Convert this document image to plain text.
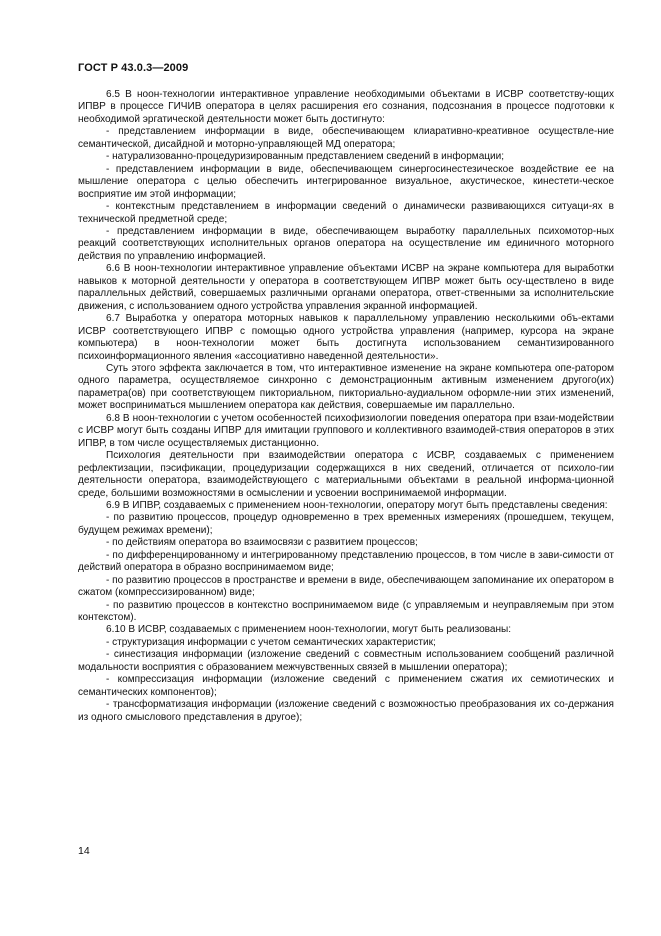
ГОСТ Р 43.0.3—2009

6.5 В ноон-технологии интерактивное управление необходимыми объектами в ИСВР соответству-ющих ИПВР в процессе ГИЧИВ оператора в целях расширения его сознания, подсознания в процессе подготовки к необходимой эргатической деятельности может быть достигнуто:

- представлением информации в виде, обеспечивающем клиаративно-креативное осуществле-ние семантической, дисайдной и моторно-управляющей МД оператора;

- натурализованно-процедуризированным представлением сведений в информации;

- представлением информации в виде, обеспечивающем синергосинестезическое воздействие ее на мышление оператора с целью обеспечить интегрированное визуальное, акустическое, кинестети-ческое восприятие им этой информации;

- контекстным представлением в информации сведений о динамически развивающихся ситуаци-ях в технической предметной среде;

- представлением информации в виде, обеспечивающем выработку параллельных психомотор-ных реакций соответствующих исполнительных органов оператора на осуществление им единичного моторного действия по управлению информацией.

6.6 В ноон-технологии интерактивное управление объектами ИСВР на экране компьютера для выработки навыков к моторной деятельности у оператора в соответствующем ИПВР может быть осу-ществлено в виде параллельных действий, совершаемых различными органами оператора, ответ-ственными за исполнительские движения, с использованием одного устройства управления экранной информацией.

6.7 Выработка у оператора моторных навыков к параллельному управлению несколькими объ-ектами ИСВР соответствующего ИПВР с помощью одного устройства управления (например, курсора на экране компьютера) в ноон-технологии может быть достигнута использованием семантизированного психоинформационного явления «ассоциативно наведенной деятельности».

Суть этого эффекта заключается в том, что интерактивное изменение на экране компьютера опе-ратором одного параметра, осуществляемое синхронно с демонстрационным активным изменением другого(их) параметра(ов) при соответствующем пикториальном, пикториально-аудиальном оформле-нии этих изменений, может восприниматься мышлением оператора как действия, совершаемые им параллельно.

6.8 В ноон-технологии с учетом особенностей психофизиологии поведения оператора при взаи-модействии с ИСВР могут быть созданы ИПВР для имитации группового и коллективного взаимодей-ствия операторов в этих ИПВР, в том числе осуществляемых дистанционно.

Психология деятельности при взаимодействии оператора с ИСВР, создаваемых с применением рефлектизации, пэсификации, процедуризации содержащихся в них сведений, отличается от психоло-гии деятельности оператора, взаимодействующего с материальными объектами в реальной информа-ционной среде, большими возможностями в осмыслении и усвоении воспринимаемой информации.

6.9 В ИПВР, создаваемых с применением ноон-технологии, оператору могут быть представлены сведения:

- по развитию процессов, процедур одновременно в трех временных измерениях (прошедшем, текущем, будущем режимах времени);

- по действиям оператора во взаимосвязи с развитием процессов;

- по дифференцированному и интегрированному представлению процессов, в том числе в зави-симости от действий оператора в образно воспринимаемом виде;

- по развитию процессов в пространстве и времени в виде, обеспечивающем запоминание их оператором в сжатом (компрессизированном) виде;

- по развитию процессов в контекстно воспринимаемом виде (с управляемым и неуправляемым при этом контекстом).

6.10 В ИСВР, создаваемых с применением ноон-технологии, могут быть реализованы:

- структуризация информации с учетом семантических характеристик;

- синестизация информации (изложение сведений с совместным использованием сообщений различной модальности восприятия с образованием межчувственных связей в мышлении оператора);

- компрессизация информации (изложение сведений с применением сжатия их семиотических и семантических компонентов);

- трансформатизация информации (изложение сведений с возможностью преобразования их со-держания из одного смыслового представления в другое);

14
